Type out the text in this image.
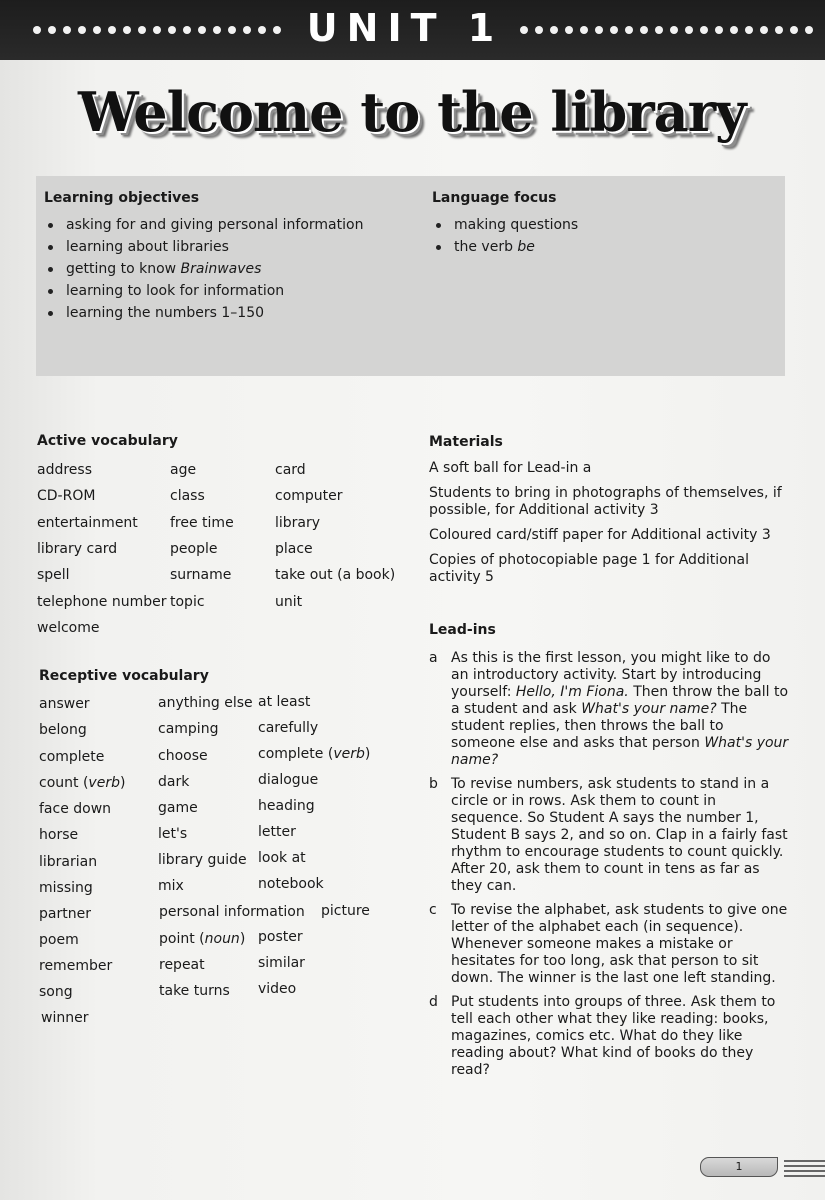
UNIT 1
Welcome to the library
Learning objectives
asking for and giving personal information
learning about libraries
getting to know Brainwaves
learning to look for information
learning the numbers 1–150
Language focus
making questions
the verb be
Active vocabulary
address
CD-ROM
entertainment
library card
spell
telephone number
welcome
age
class
free time
people
surname
topic
card
computer
library
place
take out (a book)
unit
Receptive vocabulary
answer
belong
complete
count (verb)
face down
horse
librarian
missing
partner
poem
remember
song
winner
anything else
camping
choose
dark
game
let's
library guide
mix
personal information
point (noun)
repeat
take turns
at least
carefully
complete (verb)
dialogue
heading
letter
look at
notebook
picture
poster
similar
video
Materials

A soft ball for Lead-in a

Students to bring in photographs of themselves, if possible, for Additional activity 3

Coloured card/stiff paper for Additional activity 3

Copies of photocopiable page 1 for Additional activity 5

Lead-ins
a As this is the first lesson, you might like to do an introductory activity. Start by introducing yourself: Hello, I'm Fiona. Then throw the ball to a student and ask What's your name? The student replies, then throws the ball to someone else and asks that person What's your name?
b To revise numbers, ask students to stand in a circle or in rows. Ask them to count in sequence. So Student A says the number 1, Student B says 2, and so on. Clap in a fairly fast rhythm to encourage students to count quickly. After 20, ask them to count in tens as far as they can.
c To revise the alphabet, ask students to give one letter of the alphabet each (in sequence). Whenever someone makes a mistake or hesitates for too long, ask that person to sit down. The winner is the last one left standing.
d Put students into groups of three. Ask them to tell each other what they like reading: books, magazines, comics etc. What do they like reading about? What kind of books do they read?
1
